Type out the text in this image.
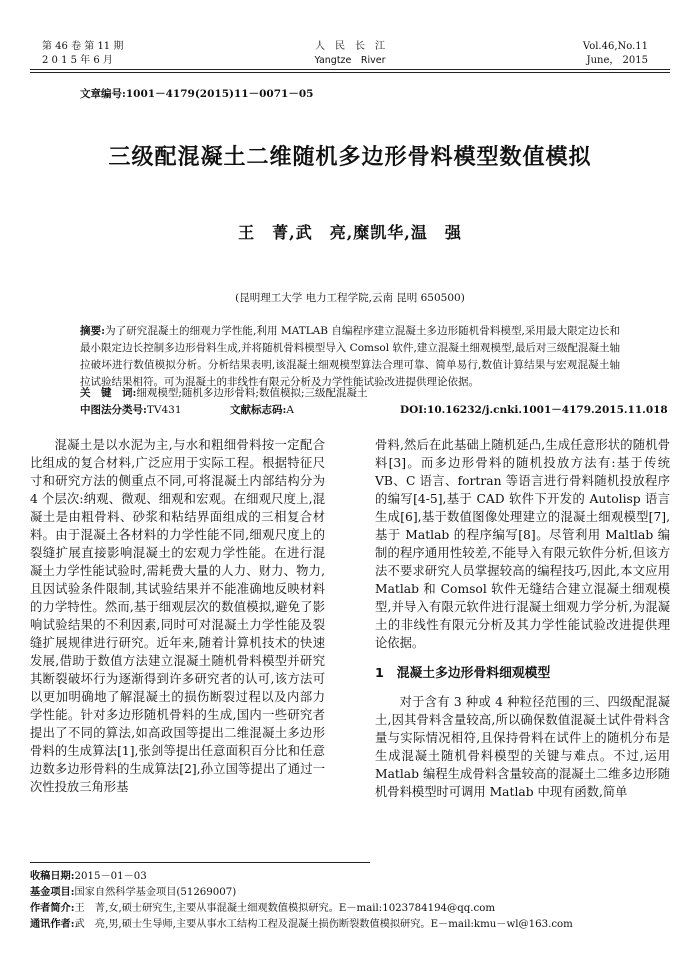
第 46 卷 第 11 期
2 0 1 5 年 6 月
人　民　长　江
Yangtze　River
Vol.46,No.11
June， 2015
文章编号:1001－4179(2015)11－0071－05
三级配混凝土二维随机多边形骨料模型数值模拟
王　菁,武　亮,糜凯华,温　强
(昆明理工大学 电力工程学院,云南 昆明 650500)
摘要:为了研究混凝土的细观力学性能,利用 MATLAB 自编程序建立混凝土多边形随机骨料模型,采用最大限定边长和最小限定边长控制多边形骨料生成,并将随机骨料模型导入 Comsol 软件,建立混凝土细观模型,最后对三级配混凝土轴拉破坏进行数值模拟分析。分析结果表明,该混凝土细观模型算法合理可靠、简单易行,数值计算结果与宏观混凝土轴拉试验结果相符。可为混凝土的非线性有限元分析及力学性能试验改进提供理论依据。
关　键　词:细观模型;随机多边形骨料;数值模拟;三级配混凝土
中图法分类号:TV431	文献标志码:A	DOI:10.16232/j.cnki.1001－4179.2015.11.018

混凝土是以水泥为主,与水和粗细骨料按一定配合比组成的复合材料,广泛应用于实际工程。根据特征尺寸和研究方法的侧重点不同,可将混凝土内部结构分为 4 个层次:纳观、微观、细观和宏观。在细观尺度上,混凝土是由粗骨料、砂浆和粘结界面组成的三相复合材料。由于混凝土各材料的力学性能不同,细观尺度上的裂缝扩展直接影响混凝土的宏观力学性能。在进行混凝土力学性能试验时,需耗费大量的人力、财力、物力,且因试验条件限制,其试验结果并不能准确地反映材料的力学特性。然而,基于细观层次的数值模拟,避免了影响试验结果的不利因素,同时可对混凝土力学性能及裂缝扩展规律进行研究。近年来,随着计算机技术的快速发展,借助于数值方法建立混凝土随机骨料模型并研究其断裂破坏行为逐渐得到许多研究者的认可,该方法可以更加明确地了解混凝土的损伤断裂过程以及内部力学性能。针对多边形随机骨料的生成,国内一些研究者提出了不同的算法,如高政国等提出二维混凝土多边形骨料的生成算法[1],张剑等提出任意面积百分比和任意边数多边形骨料的生成算法[2],孙立国等提出了通过一次性投放三角形基

骨料,然后在此基础上随机延凸,生成任意形状的随机骨料[3]。而多边形骨料的随机投放方法有:基于传统 VB、C 语言、fortran 等语言进行骨料随机投放程序的编写[4-5],基于 CAD 软件下开发的 Autolisp 语言生成[6],基于数值图像处理建立的混凝土细观模型[7],基于 Matlab 的程序编写[8]。尽管利用 Maltlab 编制的程序通用性较差,不能导入有限元软件分析,但该方法不要求研究人员掌握较高的编程技巧,因此,本文应用 Matlab 和 Comsol 软件无缝结合建立混凝土细观模型,并导入有限元软件进行混凝土细观力学分析,为混凝土的非线性有限元分析及其力学性能试验改进提供理论依据。

1　混凝土多边形骨料细观模型

对于含有 3 种或 4 种粒径范围的三、四级配混凝土,因其骨料含量较高,所以确保数值混凝土试件骨料含量与实际情况相符,且保持骨料在试件上的随机分布是生成混凝土随机骨料模型的关键与难点。不过,运用 Matlab 编程生成骨料含量较高的混凝土二维多边形随机骨料模型时可调用 Matlab 中现有函数,简单

收稿日期:2015－01－03
基金项目:国家自然科学基金项目(51269007)
作者简介:王　菁,女,硕士研究生,主要从事混凝土细观数值模拟研究。E－mail:1023784194@qq.com
通讯作者:武　亮,男,硕士生导师,主要从事水工结构工程及混凝土损伤断裂数值模拟研究。E－mail:kmu－wl@163.com
